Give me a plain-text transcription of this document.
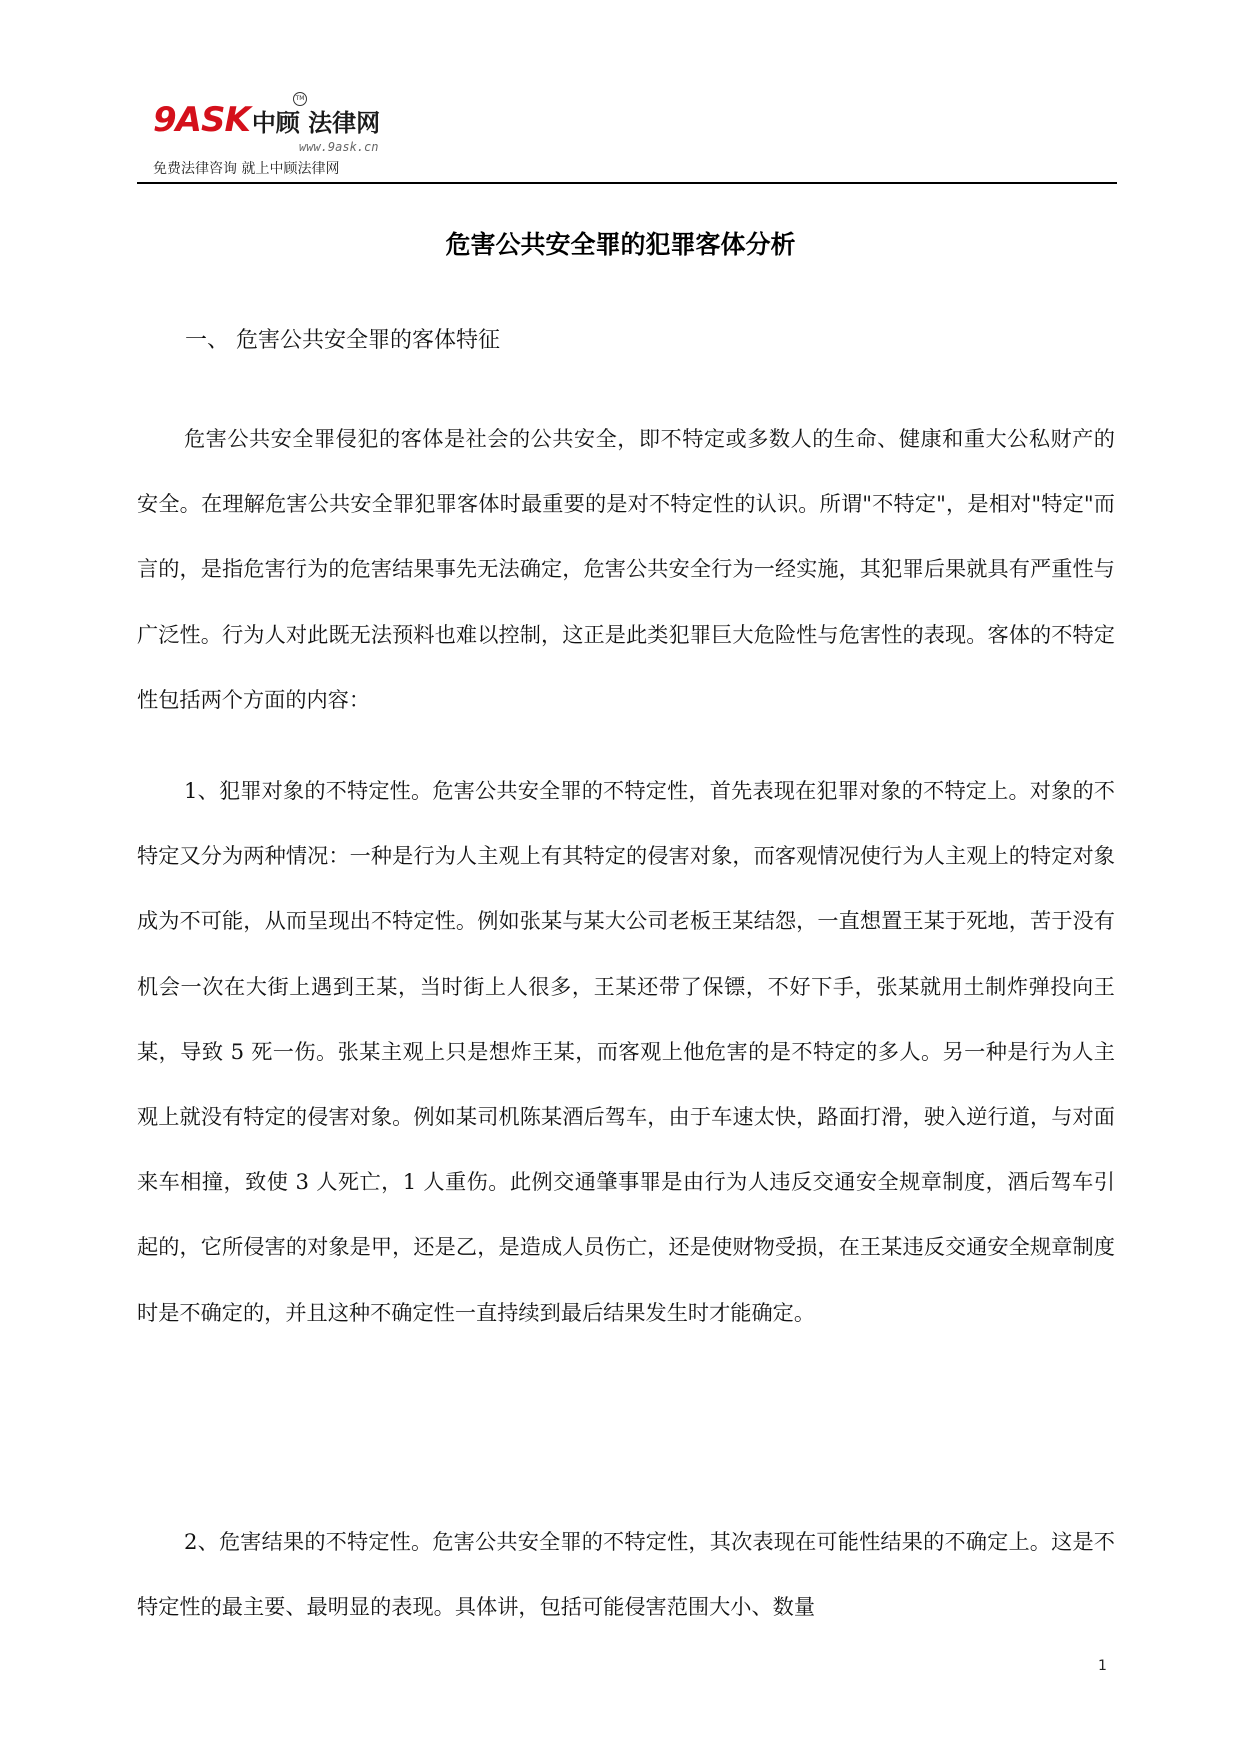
9ASK中顾 法律网
TM
www.9ask.cn
免费法律咨询 就上中顾法律网
危害公共安全罪的犯罪客体分析
一、 危害公共安全罪的客体特征

危害公共安全罪侵犯的客体是社会的公共安全，即不特定或多数人的生命、健康和重大公私财产的安全。在理解危害公共安全罪犯罪客体时最重要的是对不特定性的认识。所谓"不特定"，是相对"特定"而言的，是指危害行为的危害结果事先无法确定，危害公共安全行为一经实施，其犯罪后果就具有严重性与广泛性。行为人对此既无法预料也难以控制，这正是此类犯罪巨大危险性与危害性的表现。客体的不特定性包括两个方面的内容：

1、犯罪对象的不特定性。危害公共安全罪的不特定性，首先表现在犯罪对象的不特定上。对象的不特定又分为两种情况：一种是行为人主观上有其特定的侵害对象，而客观情况使行为人主观上的特定对象成为不可能，从而呈现出不特定性。例如张某与某大公司老板王某结怨，一直想置王某于死地，苦于没有机会一次在大街上遇到王某，当时街上人很多，王某还带了保镖，不好下手，张某就用土制炸弹投向王某，导致 5 死一伤。张某主观上只是想炸王某，而客观上他危害的是不特定的多人。另一种是行为人主观上就没有特定的侵害对象。例如某司机陈某酒后驾车，由于车速太快，路面打滑，驶入逆行道，与对面来车相撞，致使 3 人死亡，1 人重伤。此例交通肇事罪是由行为人违反交通安全规章制度，酒后驾车引起的，它所侵害的对象是甲，还是乙，是造成人员伤亡，还是使财物受损，在王某违反交通安全规章制度时是不确定的，并且这种不确定性一直持续到最后结果发生时才能确定。

2、危害结果的不特定性。危害公共安全罪的不特定性，其次表现在可能性结果的不确定上。这是不特定性的最主要、最明显的表现。具体讲，包括可能侵害范围大小、数量

1
